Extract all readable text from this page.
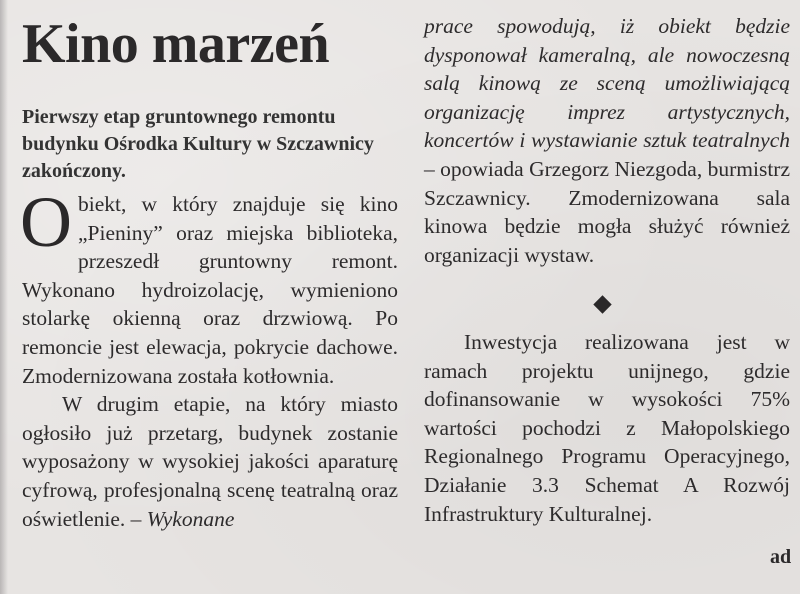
Kino marzeń

Pierwszy etap gruntownego remontu budynku Ośrodka Kultury w Szczawnicy zakończony.

Obiekt, w który znajduje się kino „Pieniny” oraz miejska biblioteka, przeszedł gruntowny remont. Wykonano hydroizolację, wymieniono stolarkę okienną oraz drzwiową. Po remoncie jest elewacja, pokrycie dachowe. Zmodernizowana została kotłownia.

W drugim etapie, na który miasto ogłosiło już przetarg, budynek zostanie wyposażony w wysokiej jakości aparaturę cyfrową, profesjonalną scenę teatralną oraz oświetlenie. – Wykonane

prace spowodują, iż obiekt będzie dysponował kameralną, ale nowoczesną salą kinową ze sceną umożliwiającą organizację imprez artystycznych, koncertów i wystawianie sztuk teatralnych – opowiada Grzegorz Niezgoda, burmistrz Szczawnicy. Zmodernizowana sala kinowa będzie mogła służyć również organizacji wystaw.

Inwestycja realizowana jest w ramach projektu unijnego, gdzie dofinansowanie w wysokości 75% wartości pochodzi z Małopolskiego Regionalnego Programu Operacyjnego, Działanie 3.3 Schemat A Rozwój Infrastruktury Kulturalnej.

ad
